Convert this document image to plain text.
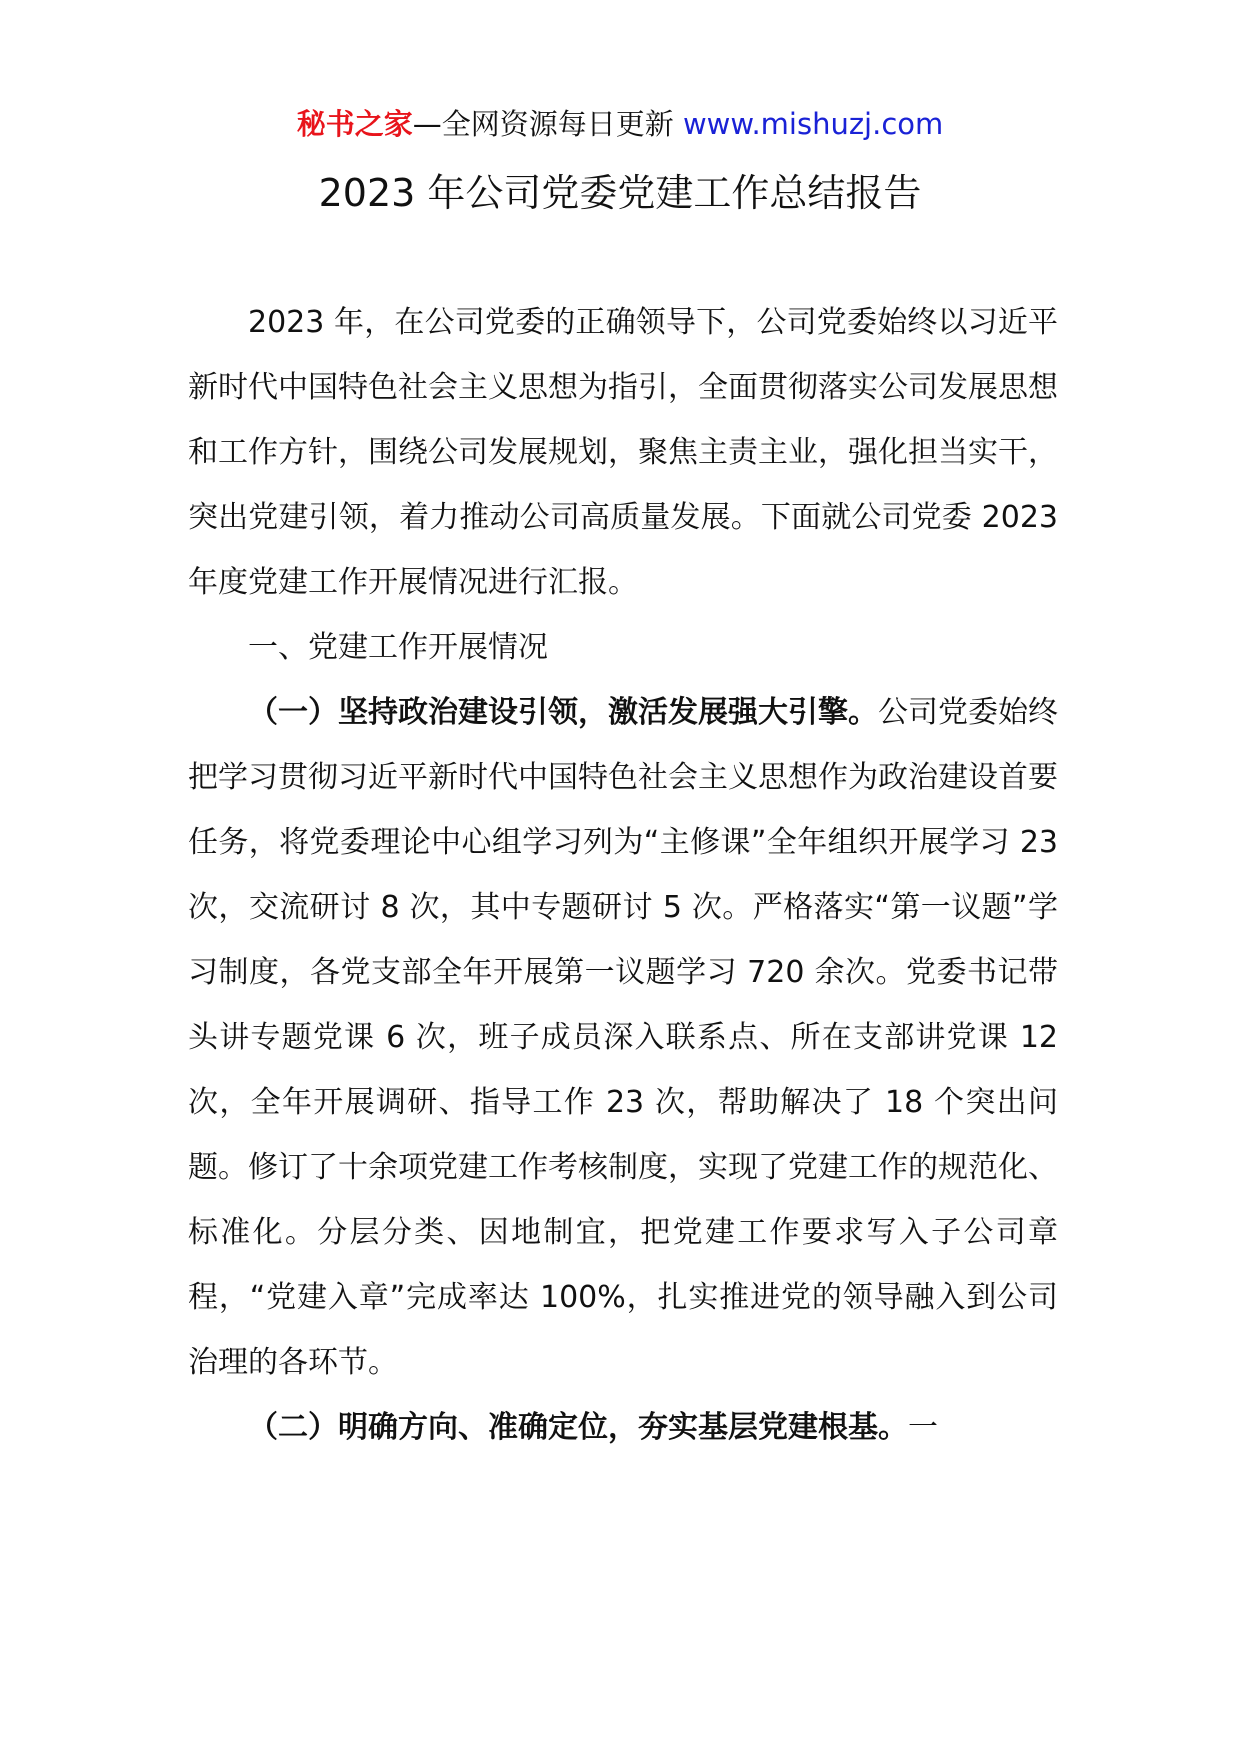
秘书之家—全网资源每日更新 www.mishuzj.com
2023 年公司党委党建工作总结报告

2023 年，在公司党委的正确领导下，公司党委始终以习近平新时代中国特色社会主义思想为指引，全面贯彻落实公司发展思想和工作方针，围绕公司发展规划，聚焦主责主业，强化担当实干，突出党建引领，着力推动公司高质量发展。下面就公司党委 2023 年度党建工作开展情况进行汇报。

一、党建工作开展情况

（一）坚持政治建设引领，激活发展强大引擎。公司党委始终把学习贯彻习近平新时代中国特色社会主义思想作为政治建设首要任务，将党委理论中心组学习列为“主修课”全年组织开展学习 23 次，交流研讨 8 次，其中专题研讨 5 次。严格落实“第一议题”学习制度，各党支部全年开展第一议题学习 720 余次。党委书记带头讲专题党课 6 次，班子成员深入联系点、所在支部讲党课 12 次，全年开展调研、指导工作 23 次，帮助解决了 18 个突出问题。修订了十余项党建工作考核制度，实现了党建工作的规范化、标准化。分层分类、因地制宜，把党建工作要求写入子公司章程，“党建入章”完成率达 100%，扎实推进党的领导融入到公司治理的各环节。

（二）明确方向、准确定位，夯实基层党建根基。一
